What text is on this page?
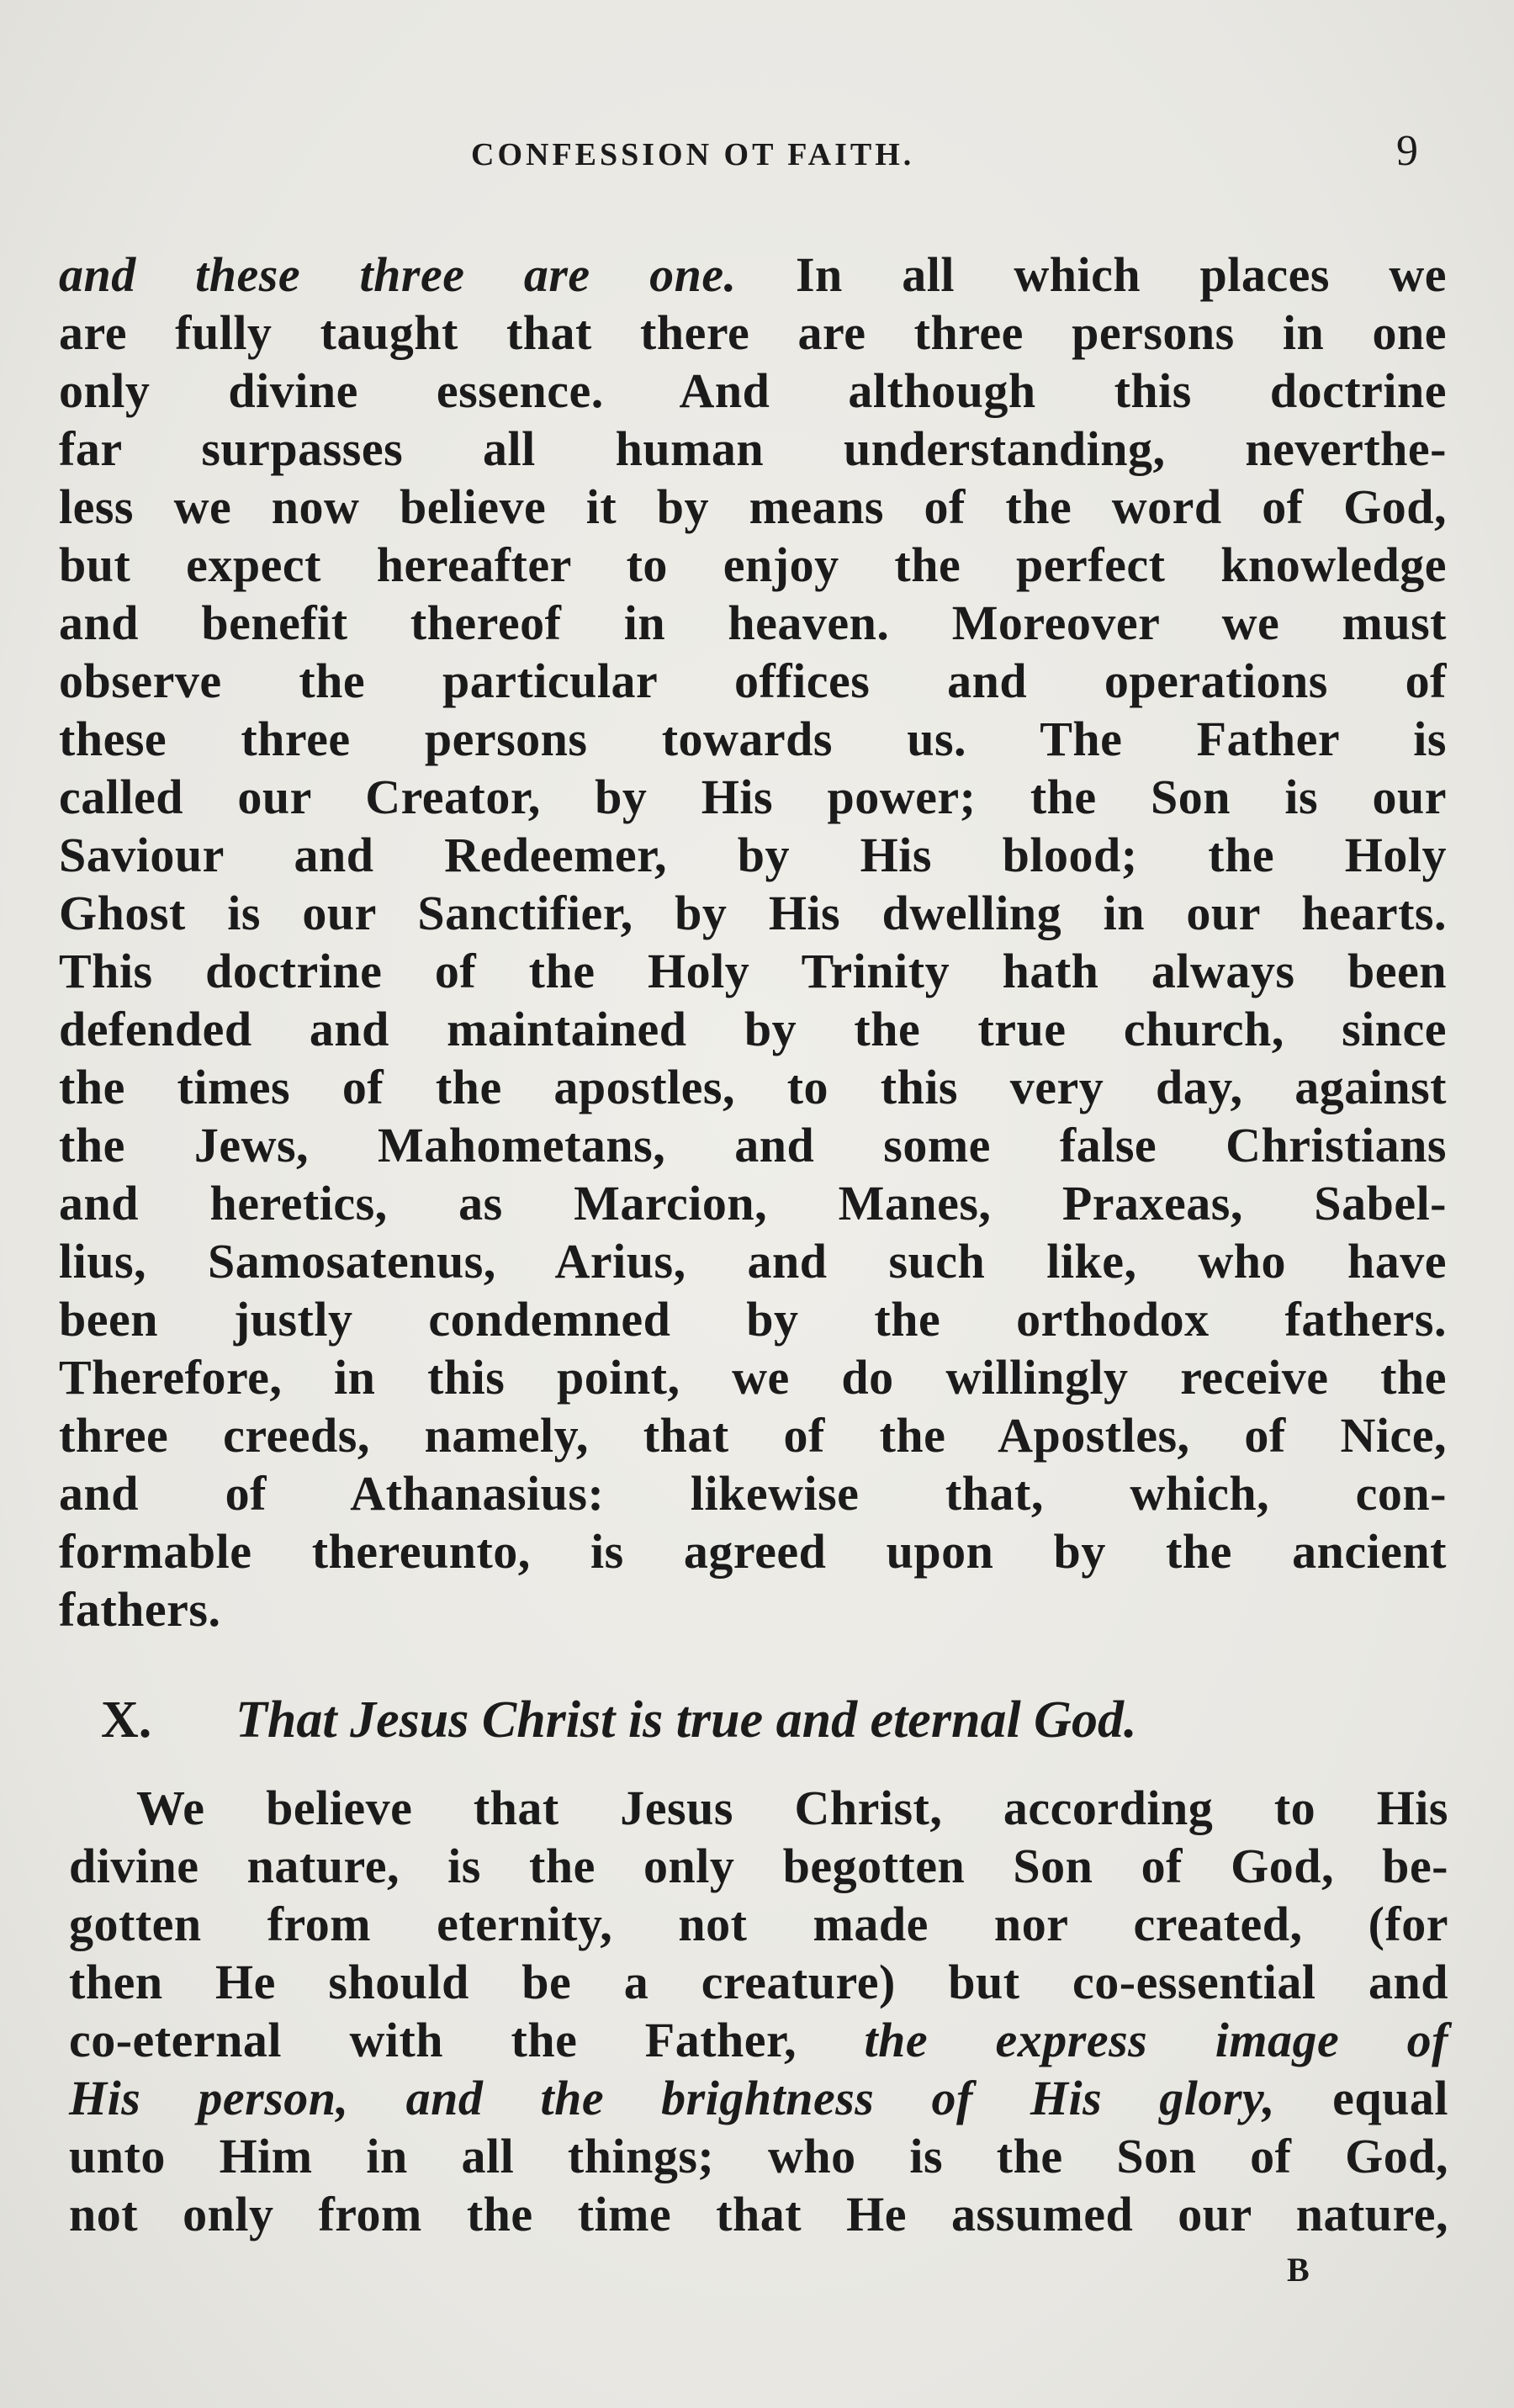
CONFESSION OT FAITH.	9
and these three are one. In all which places we
are fully taught that there are three persons in one
only divine essence. And although this doctrine
far surpasses all human understanding, neverthe-
less we now believe it by means of the word of God,
but expect hereafter to enjoy the perfect knowledge
and benefit thereof in heaven. Moreover we must
observe the particular offices and operations of
these three persons towards us. The Father is
called our Creator, by His power; the Son is our
Saviour and Redeemer, by His blood; the Holy
Ghost is our Sanctifier, by His dwelling in our hearts.
This doctrine of the Holy Trinity hath always been
defended and maintained by the true church, since
the times of the apostles, to this very day, against
the Jews, Mahometans, and some false Christians
and heretics, as Marcion, Manes, Praxeas, Sabel-
lius, Samosatenus, Arius, and such like, who have
been justly condemned by the orthodox fathers.
Therefore, in this point, we do willingly receive the
three creeds, namely, that of the Apostles, of Nice,
and of Athanasius: likewise that, which, con-
formable thereunto, is agreed upon by the ancient
fathers.
X. That Jesus Christ is true and eternal God.
We believe that Jesus Christ, according to His
divine nature, is the only begotten Son of God, be-
gotten from eternity, not made nor created, (for
then He should be a creature) but co-essential and
co-eternal with the Father, the express image of
His person, and the brightness of His glory, equal
unto Him in all things; who is the Son of God,
not only from the time that He assumed our nature,
B
